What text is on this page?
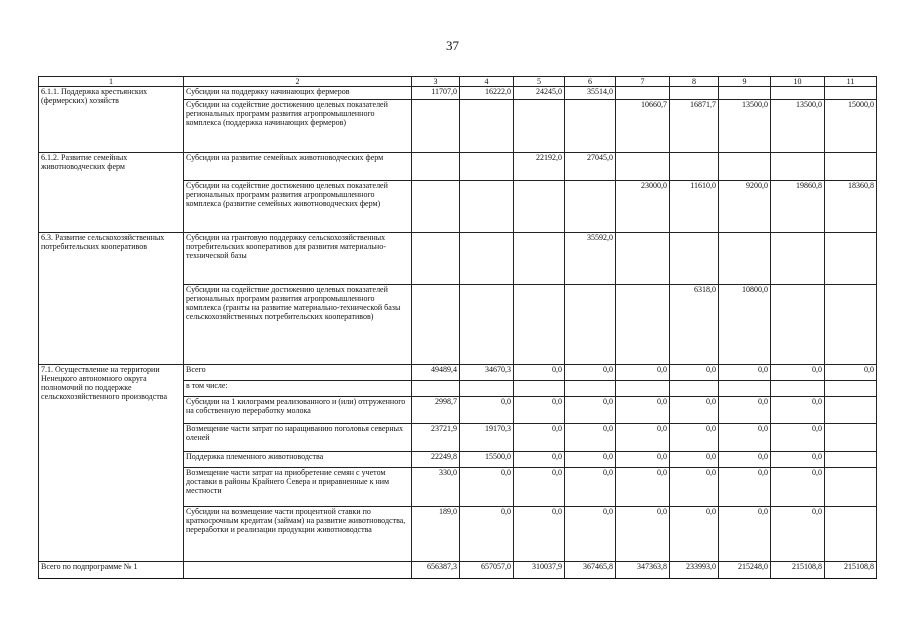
37
1	2	3	4	5	6	7	8	9	10	11
6.1.1. Поддержка крестьянских (фермерских) хозяйств	Субсидии на поддержку начинающих фермеров	11707,0	16222,0	24245,0	35514,0					
	Субсидии на содействие достижению целевых показателей региональных программ развития агропромышленного комплекса (поддержка начинающих фермеров)					10660,7	16871,7	13500,0	13500,0	15000,0
6.1.2. Развитие семейных животноводческих ферм	Субсидии на развитие семейных животноводческих ферм			22192,0	27045,0					
	Субсидии на содействие достижению целевых показателей региональных программ развития агропромышленного комплекса (развитие семейных животноводческих ферм)					23000,0	11610,0	9200,0	19860,8	18360,8
6.3. Развитие сельскохозяйственных потребительских кооперативов	Субсидии на грантовую поддержку сельскохозяйственных потребительских кооперативов для развития материально-технической базы				35592,0					
	Субсидии на содействие достижению целевых показателей региональных программ развития агропромышленного комплекса (гранты на развитие материально-технической базы сельскохозяйственных потребительских кооперативов)						6318,0	10800,0		
7.1. Осуществление на территории Ненецкого автономного округа полномочий по поддержке сельскохозяйственного производства	Всего	49489,4	34670,3	0,0	0,0	0,0	0,0	0,0	0,0	0,0
	в том числе:									
	Субсидии на 1 килограмм реализованного и (или) отгруженного на собственную переработку молока	2998,7	0,0	0,0	0,0	0,0	0,0	0,0	0,0	
	Возмещение части затрат по наращиванию поголовья северных оленей	23721,9	19170,3	0,0	0,0	0,0	0,0	0,0	0,0	
	Поддержка племенного животноводства	22249,8	15500,0	0,0	0,0	0,0	0,0	0,0	0,0	
	Возмещение части затрат на приобретение семян с учетом доставки в районы Крайнего Севера и приравненные к ним местности	330,0	0,0	0,0	0,0	0,0	0,0	0,0	0,0	
	Субсидии на возмещение части процентной ставки по краткосрочным кредитам (займам) на развитие животноводства, переработки и реализации продукции животноводства	189,0	0,0	0,0	0,0	0,0	0,0	0,0	0,0	
Всего по подпрограмме № 1		656387,3	657057,0	310037,9	367465,8	347363,8	233993,0	215248,0	215108,8	215108,8
